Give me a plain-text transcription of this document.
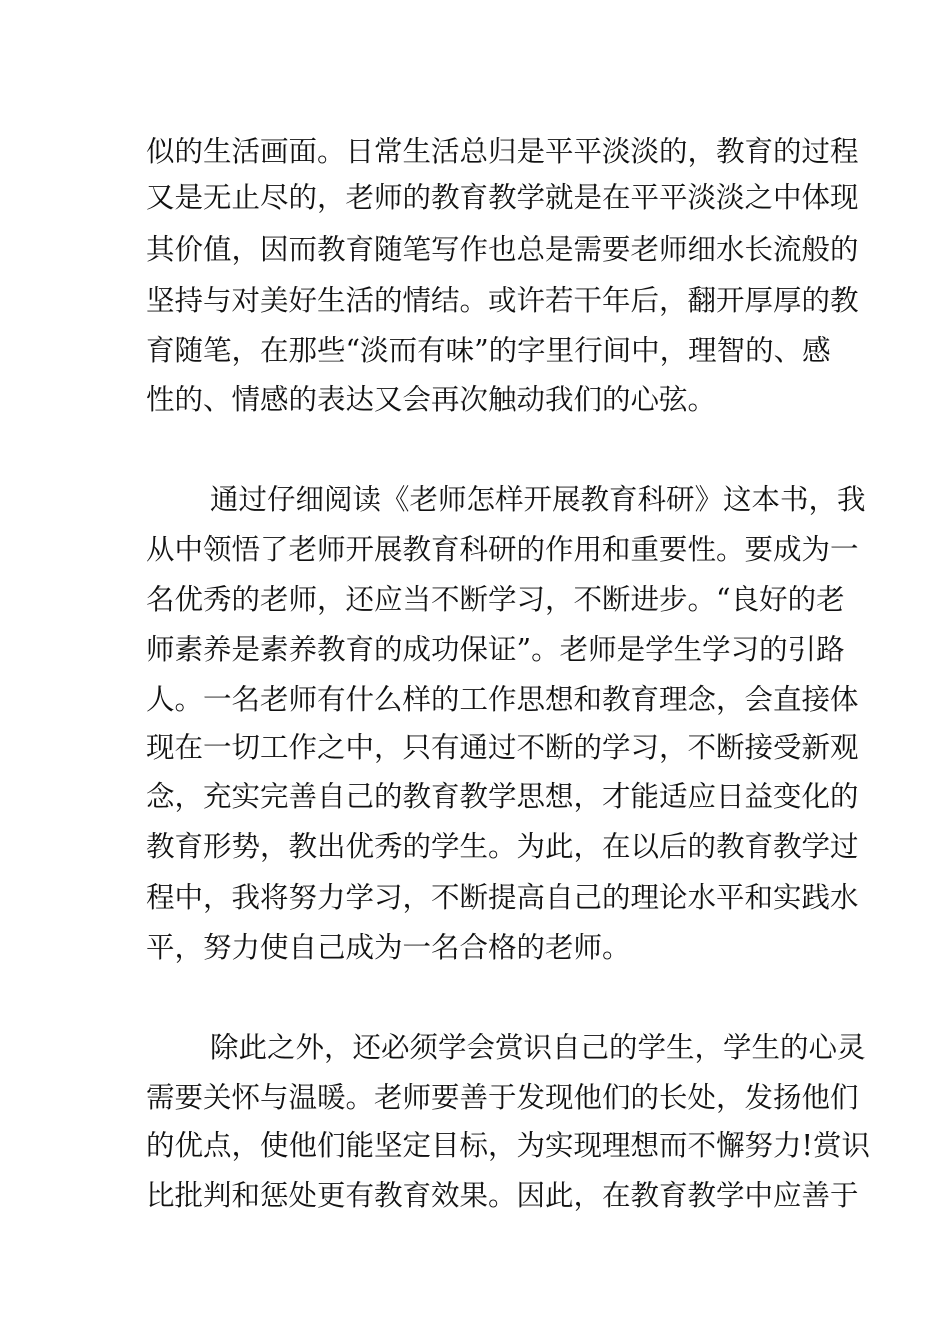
似的生活画面。日常生活总归是平平淡淡的，教育的过程
又是无止尽的，老师的教育教学就是在平平淡淡之中体现
其价值，因而教育随笔写作也总是需要老师细水长流般的
坚持与对美好生活的情结。或许若干年后，翻开厚厚的教
育随笔，在那些“淡而有味”的字里行间中，理智的、感
性的、情感的表达又会再次触动我们的心弦。
通过仔细阅读《老师怎样开展教育科研》这本书，我
从中领悟了老师开展教育科研的作用和重要性。要成为一
名优秀的老师，还应当不断学习，不断进步。“良好的老
师素养是素养教育的成功保证”。老师是学生学习的引路
人。一名老师有什么样的工作思想和教育理念，会直接体
现在一切工作之中，只有通过不断的学习，不断接受新观
念，充实完善自己的教育教学思想，才能适应日益变化的
教育形势，教出优秀的学生。为此，在以后的教育教学过
程中，我将努力学习，不断提高自己的理论水平和实践水
平，努力使自己成为一名合格的老师。
除此之外，还必须学会赏识自己的学生，学生的心灵
需要关怀与温暖。老师要善于发现他们的长处，发扬他们
的优点，使他们能坚定目标，为实现理想而不懈努力!赏识
比批判和惩处更有教育效果。因此，在教育教学中应善于
